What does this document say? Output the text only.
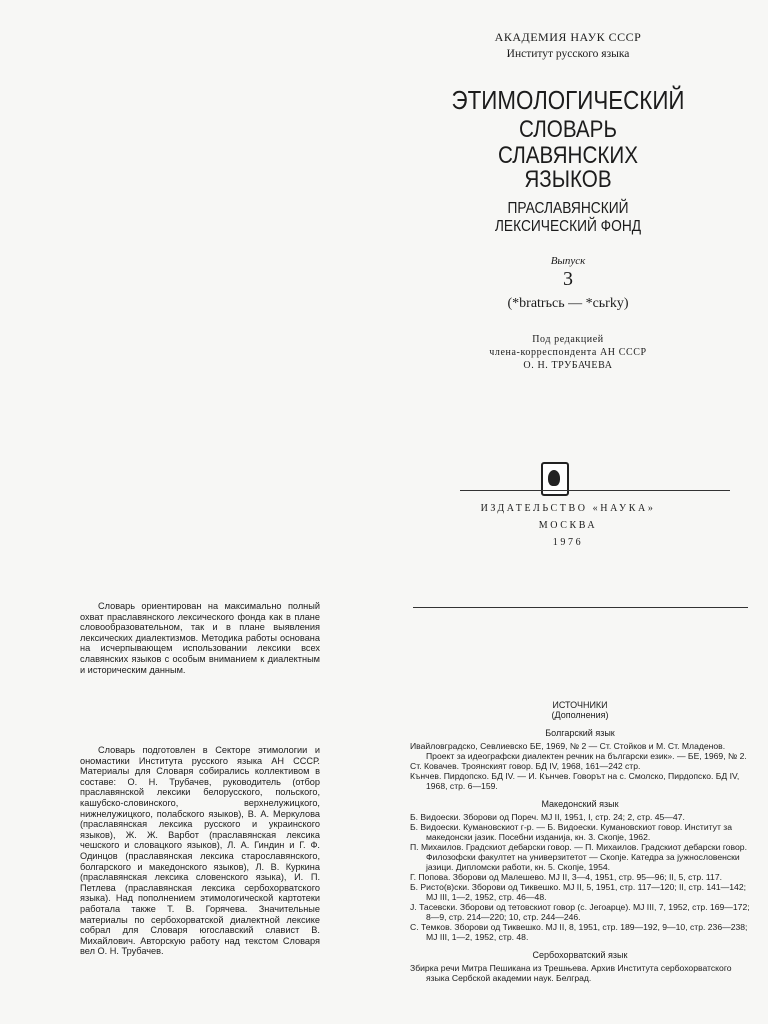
АКАДЕМИЯ НАУК СССР
Институт русского языка
ЭТИМОЛОГИЧЕСКИЙ
СЛОВАРЬ
СЛАВЯНСКИХ
ЯЗЫКОВ
ПРАСЛАВЯНСКИЙ
ЛЕКСИЧЕСКИЙ ФОНД
Выпуск
3
(*bratrьсь — *сьrky)
Под редакцией
члена-корреспондента АН СССР
О. Н. ТРУБАЧЕВА
ИЗДАТЕЛЬСТВО «НАУКА»
МОСКВА
1976

Словарь ориентирован на максимально полный охват праславянского лексического фонда как в плане словообразовательном, так и в плане выявления лексических диалектизмов. Методика работы основана на исчерпывающем использовании лексики всех славянских языков с особым вниманием к диалектным и историческим данным.

Словарь подготовлен в Секторе этимологии и ономастики Института русского языка АН СССР. Материалы для Словаря собирались коллективом в составе: О. Н. Трубачев, руководитель (отбор праславянской лексики белорусского, польского, кашубско-словинского, верхнелужицкого, нижнелужицкого, полабского языков), В. А. Меркулова (праславянская лексика русского и украинского языков), Ж. Ж. Варбот (праславянская лексика чешского и словацкого языков), Л. А. Гиндин и Г. Ф. Одинцов (праславянская лексика старославянского, болгарского и македонского языков), Л. В. Куркина (праславянская лексика словенского языка), И. П. Петлева (праславянская лексика сербохорватского языка). Над пополнением этимологической картотеки работала также Т. В. Горячева. Значительные материалы по сербохорватской диалектной лексике собрал для Словаря югославский славист В. Михайлович. Авторскую работу над текстом Словаря вел О. Н. Трубачев.

ИСТОЧНИКИ
(Дополнения)
Болгарский язык

Ивайловградско, Севлиевско БЕ, 1969, № 2 — Ст. Стойков и М. Ст. Младенов. Проект за идеографски диалектен речник на български език». — БЕ, 1969, № 2.

Ст. Ковачев. Троянският говор. БД IV, 1968, 161—242 стр.

Кънчев. Пирдопско. БД IV. — И. Кънчев. Говорът на с. Смолско, Пирдопско. БД IV, 1968, стр. 6—159.

Македонский язык

Б. Видоески. Зборови од Пореч. МЈ II, 1951, I, стр. 24; 2, стр. 45—47.

Б. Видоески. Кумановскиот г-р. — Б. Видоески. Кумановскиот говор. Институт за македонски јазик. Посебни изданија, кн. 3. Скопје, 1962.

П. Михаилов. Градскиот дебарски говор. — П. Михаилов. Градскиот дебарски говор. Филозофски факултет на универзитетот — Скопје. Катедра за јужнословенски јазици. Дипломски работи, кн. 5. Скопје, 1954.

Г. Попова. Зборови од Малешево. МЈ II, 3—4, 1951, стр. 95—96; II, 5, стр. 117.

Б. Ристо(в)ски. Зборови од Тиквешко. МЈ II, 5, 1951, стр. 117—120; II, стр. 141—142; МЈ III, 1—2, 1952, стр. 46—48.

Ј. Тасевски. Зборови од тетовскиот говор (с. Јегоарце). МЈ III, 7, 1952, стр. 169—172; 8—9, стр. 214—220; 10, стр. 244—246.

С. Темков. Зборови од Тиквешко. МЈ II, 8, 1951, стр. 189—192, 9—10, стр. 236—238; МЈ III, 1—2, 1952, стр. 48.

Сербохорватский язык

Збирка речи Митра Пешикана из Трешњева. Архив Института сербохорватского языка Сербской академии наук. Белград.
